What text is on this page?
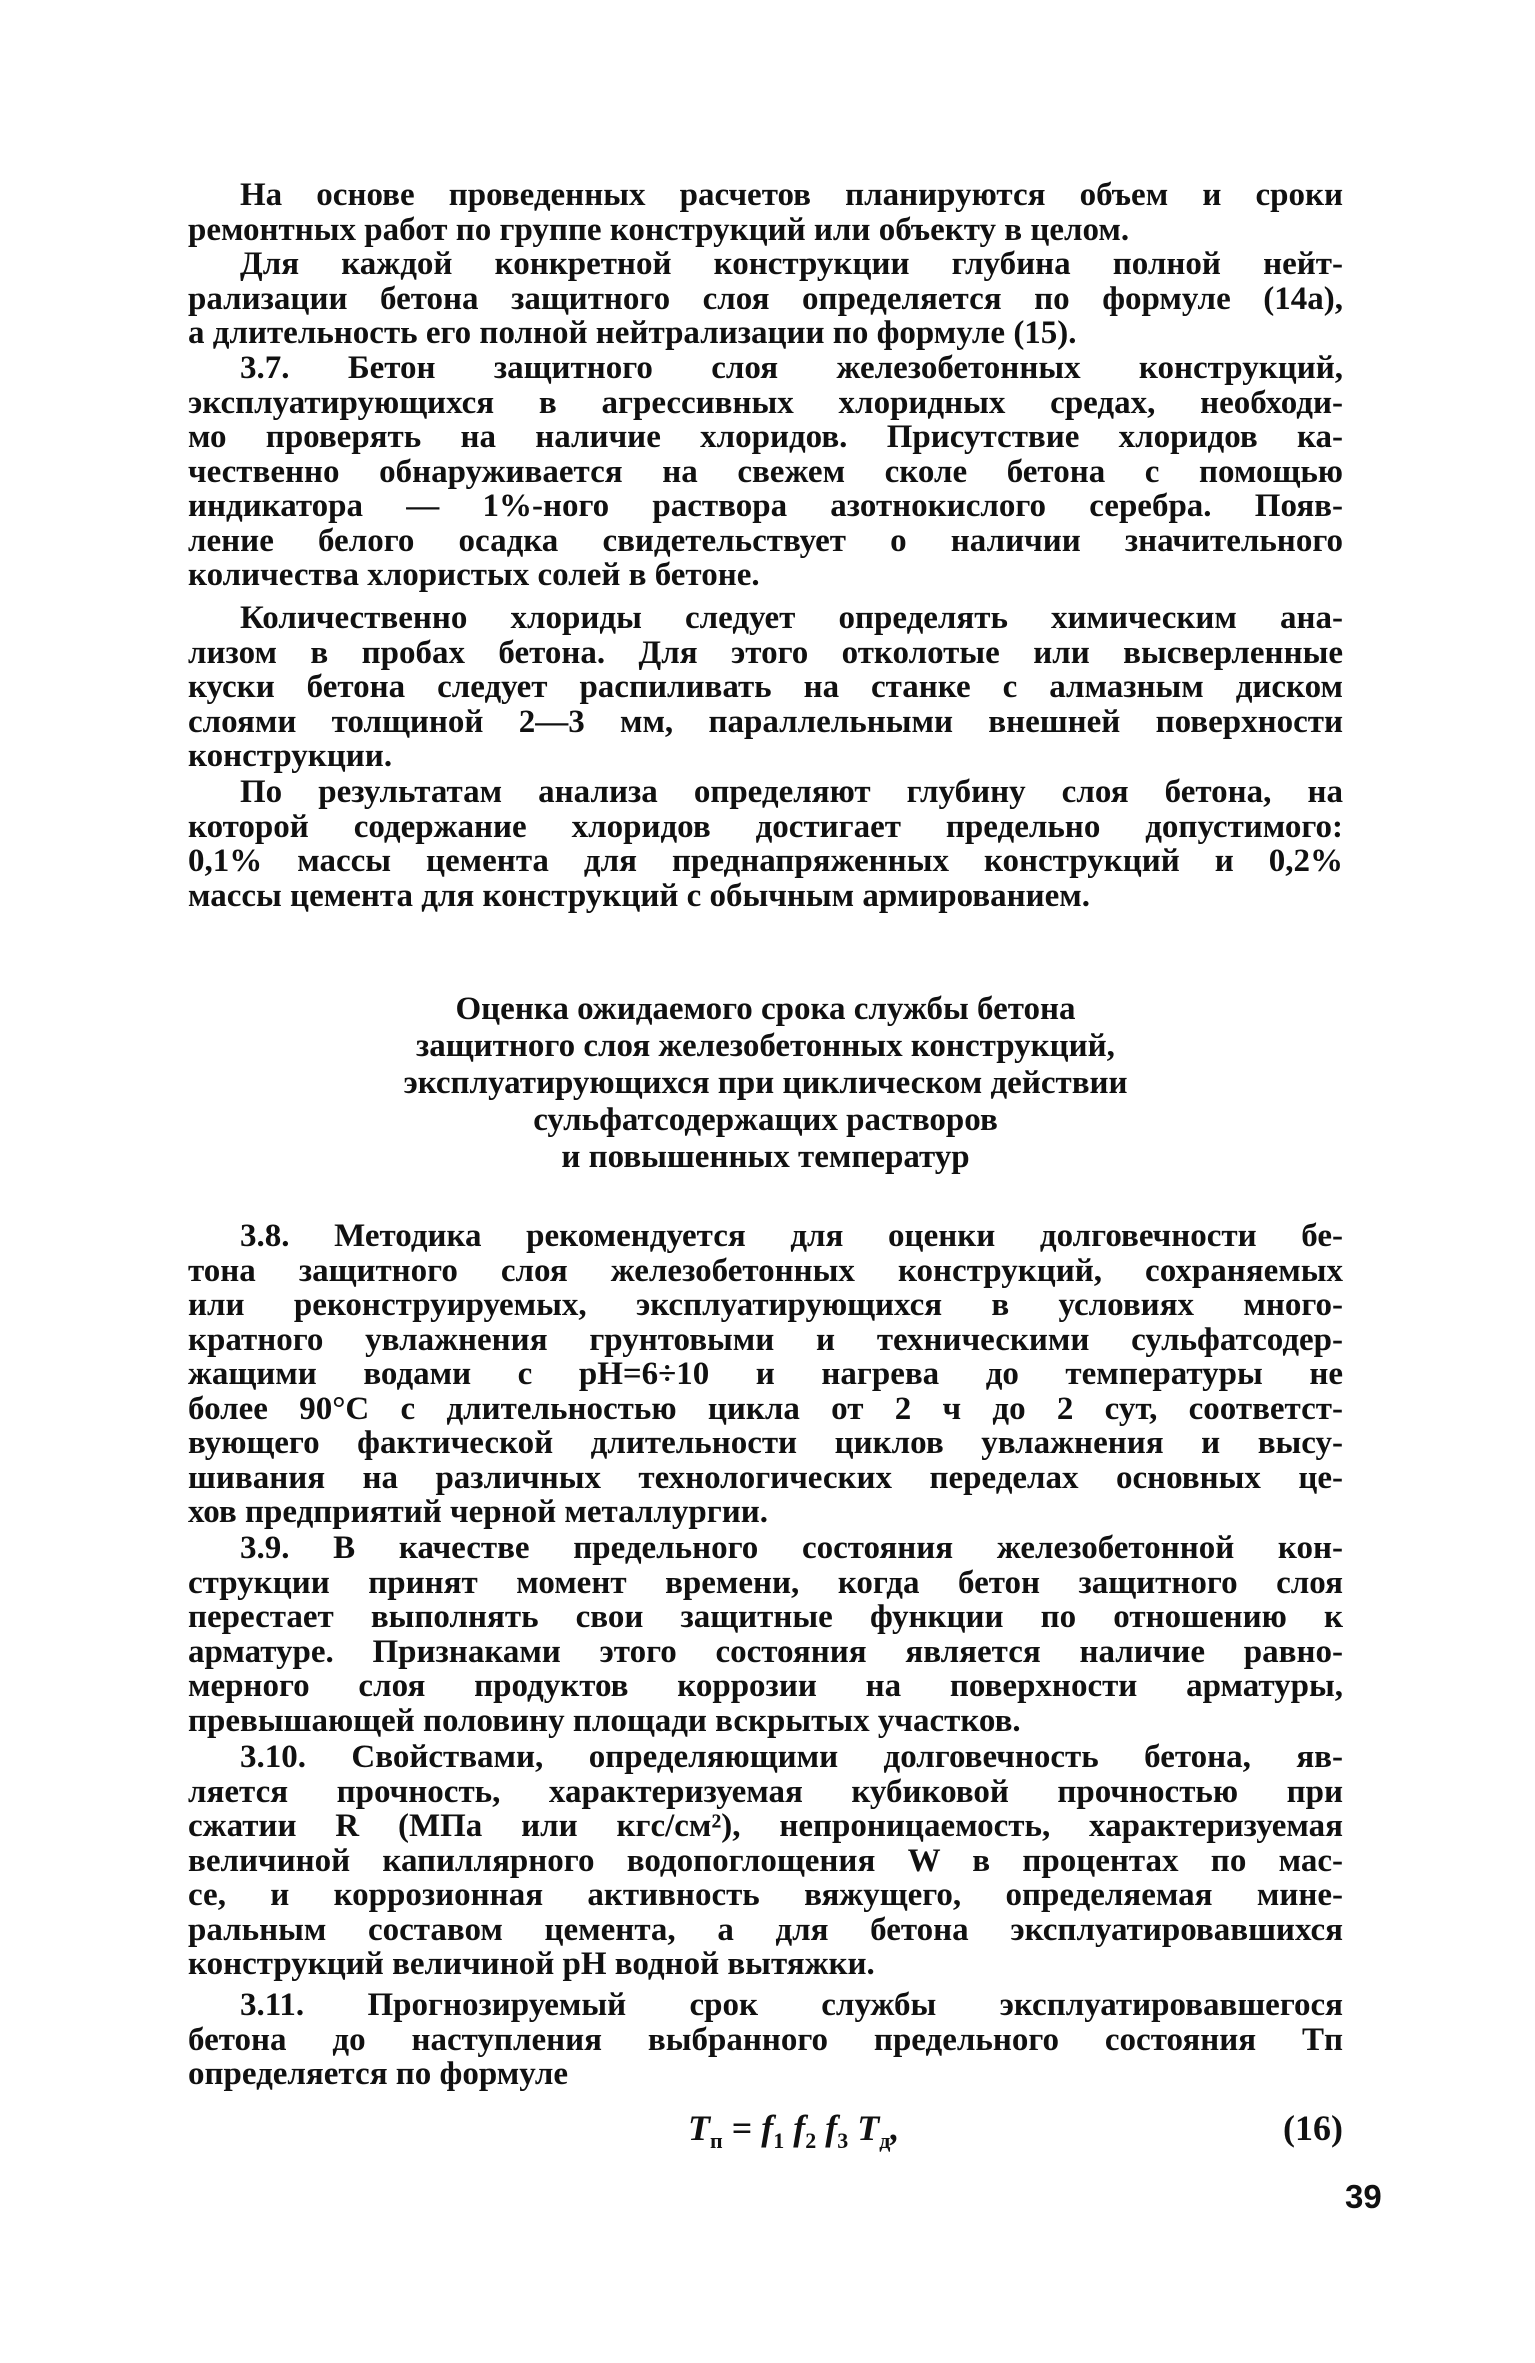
На основе проведенных расчетов планируются объем и сроки
ремонтных работ по группе конструкций или объекту в целом.
Для каждой конкретной конструкции глубина полной нейт-
рализации бетона защитного слоя определяется по формуле (14а),
а длительность его полной нейтрализации по формуле (15).
3.7. Бетон защитного слоя железобетонных конструкций,
эксплуатирующихся в агрессивных хлоридных средах, необходи-
мо проверять на наличие хлоридов. Присутствие хлоридов ка-
чественно обнаруживается на свежем сколе бетона с помощью
индикатора — 1%-ного раствора азотнокислого серебра. Появ-
ление белого осадка свидетельствует о наличии значительного
количества хлористых солей в бетоне.
Количественно хлориды следует определять химическим ана-
лизом в пробах бетона. Для этого отколотые или высверленные
куски бетона следует распиливать на станке с алмазным диском
слоями толщиной 2—3 мм, параллельными внешней поверхности
конструкции.
По результатам анализа определяют глубину слоя бетона, на
которой содержание хлоридов достигает предельно допустимого:
0,1% массы цемента для преднапряженных конструкций и 0,2%
массы цемента для конструкций с обычным армированием.
3.8. Методика рекомендуется для оценки долговечности бе-
тона защитного слоя железобетонных конструкций, сохраняемых
или реконструируемых, эксплуатирующихся в условиях много-
кратного увлажнения грунтовыми и техническими сульфатсодер-
жащими водами с pH=6÷10 и нагрева до температуры не
более 90°С с длительностью цикла от 2 ч до 2 сут, соответст-
вующего фактической длительности циклов увлажнения и высу-
шивания на различных технологических переделах основных це-
хов предприятий черной металлургии.
3.9. В качестве предельного состояния железобетонной кон-
струкции принят момент времени, когда бетон защитного слоя
перестает выполнять свои защитные функции по отношению к
арматуре. Признаками этого состояния является наличие равно-
мерного слоя продуктов коррозии на поверхности арматуры,
превышающей половину площади вскрытых участков.
3.10. Свойствами, определяющими долговечность бетона, яв-
ляется прочность, характеризуемая кубиковой прочностью при
сжатии R (МПа или кгс/см²), непроницаемость, характеризуемая
величиной капиллярного водопоглощения W в процентах по мас-
се, и коррозионная активность вяжущего, определяемая мине-
ральным составом цемента, а для бетона эксплуатировавшихся
конструкций величиной pH водной вытяжки.
3.11. Прогнозируемый срок службы эксплуатировавшегося
бетона до наступления выбранного предельного состояния Tп
определяется по формуле
Оценка ожидаемого срока службы бетона
защитного слоя железобетонных конструкций,
эксплуатирующихся при циклическом действии
сульфатсодержащих растворов
и повышенных температур
$T_п = f_1$ $f_2$ $f_3$ $T_д$,	(16)
39
